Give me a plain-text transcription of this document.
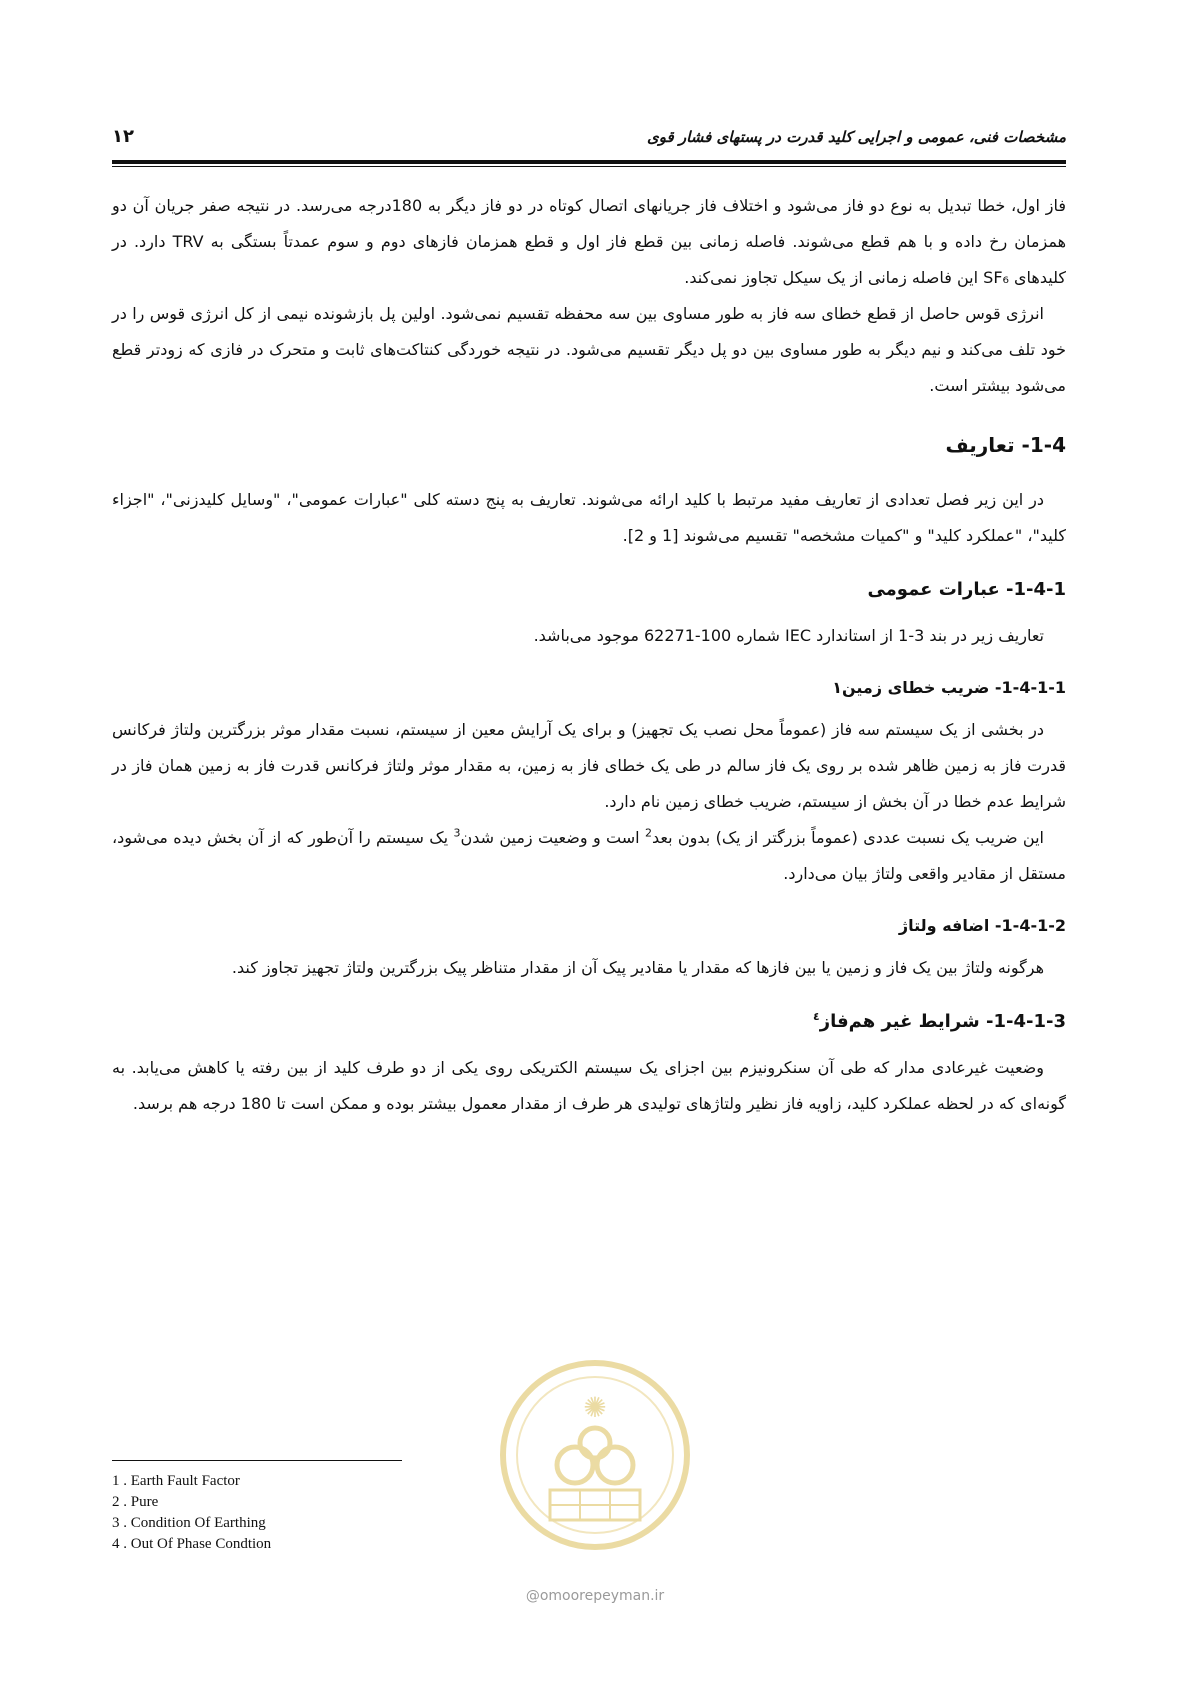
مشخصات فنی، عمومی و اجرایی کلید قدرت در پستهای فشار قوی
۱۲

فاز اول، خطا تبدیل به نوع دو فاز می‌شود و اختلاف فاز جریانهای اتصال کوتاه در دو فاز دیگر به 180درجه می‌رسد. در نتیجه صفر جریان آن دو همزمان رخ داده و با هم قطع می‌شوند. فاصله زمانی بین قطع فاز اول و قطع همزمان فازهای دوم و سوم عمدتاً بستگی به TRV دارد. در کلیدهای SF₆ این فاصله زمانی از یک سیکل تجاوز نمی‌کند.

انرژی قوس حاصل از قطع خطای سه فاز به طور مساوی بین سه محفظه تقسیم نمی‌شود. اولین پل بازشونده نیمی از کل انرژی قوس را در خود تلف می‌کند و نیم دیگر به طور مساوی بین دو پل دیگر تقسیم می‌شود. در نتیجه خوردگی کنتاکت‌های ثابت و متحرک در فازی که زودتر قطع می‌شود بیشتر است.

1-4- تعاریف

در این زیر فصل تعدادی از تعاریف مفید مرتبط با کلید ارائه می‌شوند. تعاریف به پنج دسته کلی "عبارات عمومی"، "وسایل کلیدزنی"، "اجزاء کلید"، "عملکرد کلید" و "کمیات مشخصه" تقسیم می‌شوند [1 و 2].

1-4-1- عبارات عمومی

تعاریف زیر در بند 3-1 از استاندارد IEC شماره 100-62271 موجود می‌باشد.

1-4-1-1- ضریب خطای زمین۱

در بخشی از یک سیستم سه فاز (عموماً محل نصب یک تجهیز) و برای یک آرایش معین از سیستم، نسبت مقدار موثر بزرگترین ولتاژ فرکانس قدرت فاز به زمین ظاهر شده بر روی یک فاز سالم در طی یک خطای فاز به زمین، به مقدار موثر ولتاژ فرکانس قدرت فاز به زمین همان فاز در شرایط عدم خطا در آن بخش از سیستم، ضریب خطای زمین نام دارد.

این ضریب یک نسبت عددی (عموماً بزرگتر از یک) بدون بعد$^2$ است و وضعیت زمین شدن$^3$ یک سیستم را آن‌طور که از آن بخش دیده می‌شود، مستقل از مقادیر واقعی ولتاژ بیان می‌دارد.

1-4-1-2- اضافه ولتاژ

هرگونه ولتاژ بین یک فاز و زمین یا بین فازها که مقدار یا مقادیر پیک آن از مقدار متناظر پیک بزرگترین ولتاژ تجهیز تجاوز کند.

1-4-1-3- شرایط غیر هم‌فاز$^٤$

وضعیت غیرعادی مدار که طی آن سنکرونیزم بین اجزای یک سیستم الکتریکی روی یکی از دو طرف کلید از بین رفته یا کاهش می‌یابد. به گونه‌ای که در لحظه عملکرد کلید، زاویه فاز نظیر ولتاژهای تولیدی هر طرف از مقدار معمول بیشتر بوده و ممکن است تا 180 درجه هم برسد.

✺
@omoorepeyman.ir
1 . Earth Fault Factor
2 . Pure
3 . Condition Of Earthing
4 . Out Of Phase Condtion
